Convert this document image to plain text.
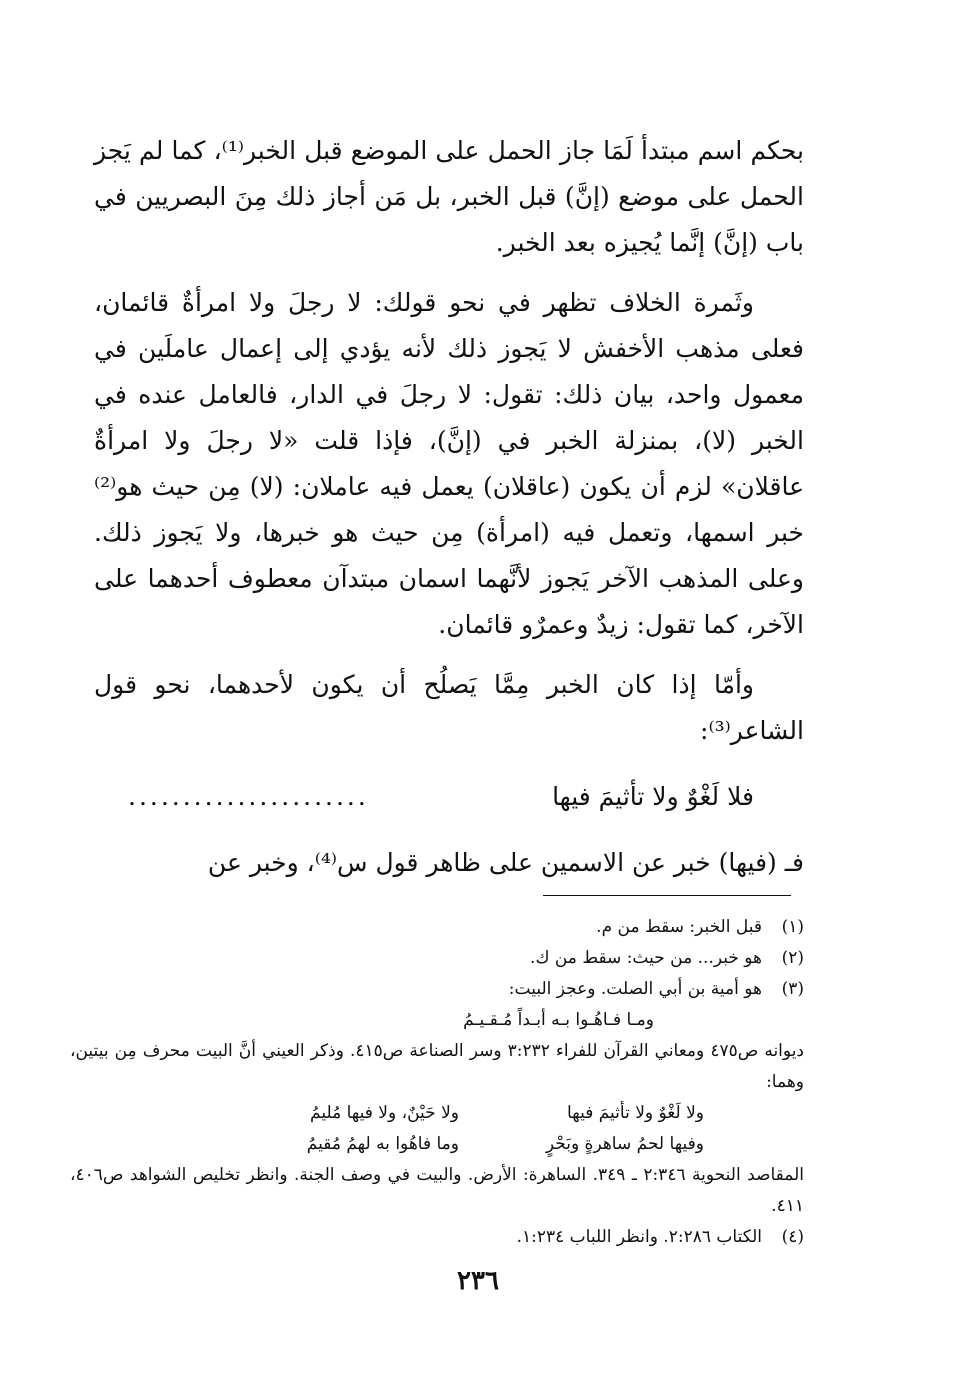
بحكم اسم مبتدأ لَمَا جاز الحمل على الموضع قبل الخبر⁽¹⁾، كما لم يَجز الحمل على موضع (إنَّ) قبل الخبر، بل مَن أجاز ذلك مِنَ البصريين في باب (إنَّ) إنَّما يُجيزه بعد الخبر.

وثَمرة الخلاف تظهر في نحو قولك: لا رجلَ ولا امرأةٌ قائمان، فعلى مذهب الأخفش لا يَجوز ذلك لأنه يؤدي إلى إعمال عاملَين في معمول واحد، بيان ذلك: تقول: لا رجلَ في الدار، فالعامل عنده في الخبر (لا)، بمنزلة الخبر في (إنَّ)، فإذا قلت «لا رجلَ ولا امرأةٌ عاقلان» لزم أن يكون (عاقلان) يعمل فيه عاملان: (لا) مِن حيث هو⁽²⁾ خبر اسمها، وتعمل فيه (امرأة) مِن حيث هو خبرها، ولا يَجوز ذلك. وعلى المذهب الآخر يَجوز لأنَّهما اسمان مبتدآن معطوف أحدهما على الآخر، كما تقول: زيدٌ وعمرٌو قائمان.

وأمّا إذا كان الخبر مِمَّا يَصلُح أن يكون لأحدهما، نحو قول الشاعر⁽³⁾:

فلا لَغْوٌ ولا تأثيمَ فيها
......................

فـ (فيها) خبر عن الاسمين على ظاهر قول س⁽⁴⁾، وخبر عن

(١)
قبل الخبر: سقط من م.
(٢)
هو خبر... من حيث: سقط من ك.
(٣)
هو أمية بن أبي الصلت. وعجز البيت:
ومـا فـاهُـوا بـه أبـداً مُـقـيـمُ
ديوانه ص٤٧٥ ومعاني القرآن للفراء ٣:٢٣٢ وسر الصناعة ص٤١٥. وذكر العيني أنَّ البيت محرف مِن بيتين، وهما:
ولا لَغْوٌ ولا تأثيمَ فيها
ولا حَيْنٌ، ولا فيها مُليمُ
وفيها لحمُ ساهرةٍ وبَحْرٍ
وما فاهُوا به لهمُ مُقيمُ
المقاصد النحوية ٢:٣٤٦ ـ ٣٤٩. الساهرة: الأرض. والبيت في وصف الجنة. وانظر تخليص الشواهد ص٤٠٦، ٤١١.
(٤)
الكتاب ٢:٢٨٦. وانظر اللباب ١:٢٣٤.
٢٣٦
